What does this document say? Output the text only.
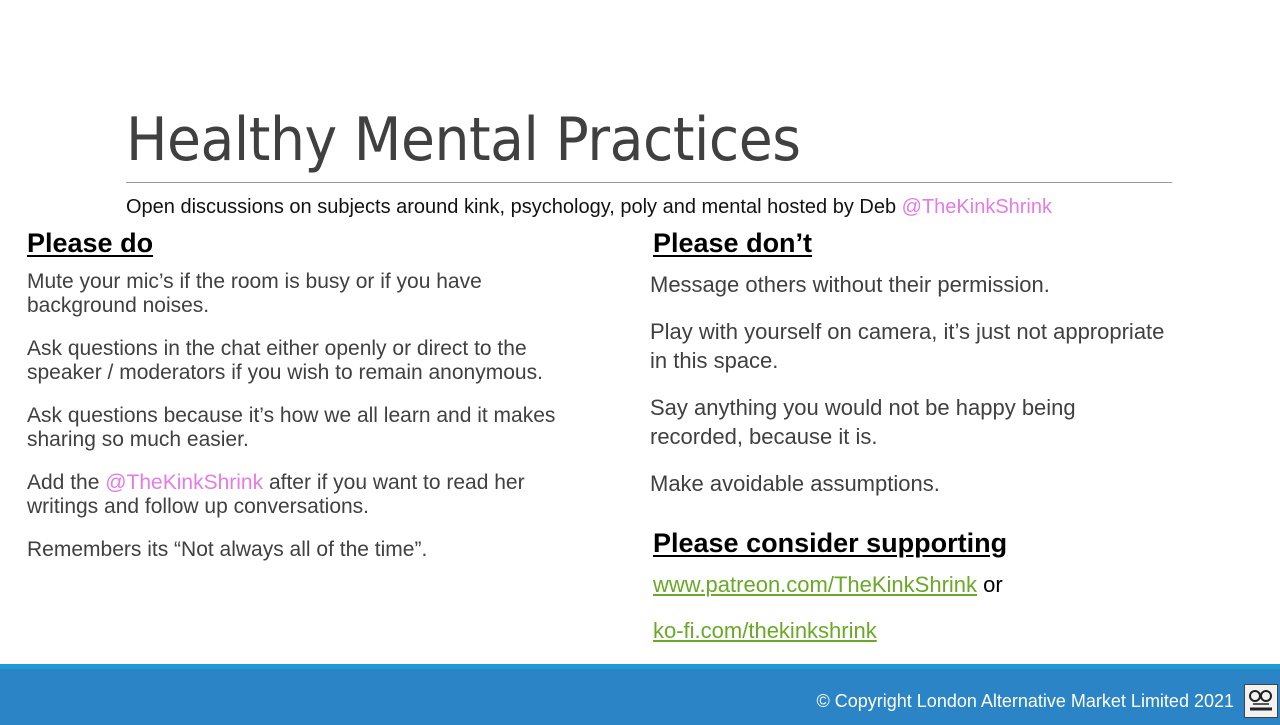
Healthy Mental Practices
Open discussions on subjects around kink, psychology, poly and mental hosted by Deb @TheKinkShrink
Please do

Mute your mic’s if the room is busy or if you have background noises.

Ask questions in the chat either openly or direct to the speaker / moderators if you wish to remain anonymous.

Ask questions because it’s how we all learn and it makes sharing so much easier.

Add the @TheKinkShrink after if you want to read her writings and follow up conversations.

Remembers its “Not always all of the time”.

Please don’t

Message others without their permission.

Play with yourself on camera, it’s just not appropriate in this space.

Say anything you would not be happy being recorded, because it is.

Make avoidable assumptions.

Please consider supporting
www.patreon.com/TheKinkShrink or
ko-fi.com/thekinkshrink
© Copyright London Alternative Market Limited 2021
